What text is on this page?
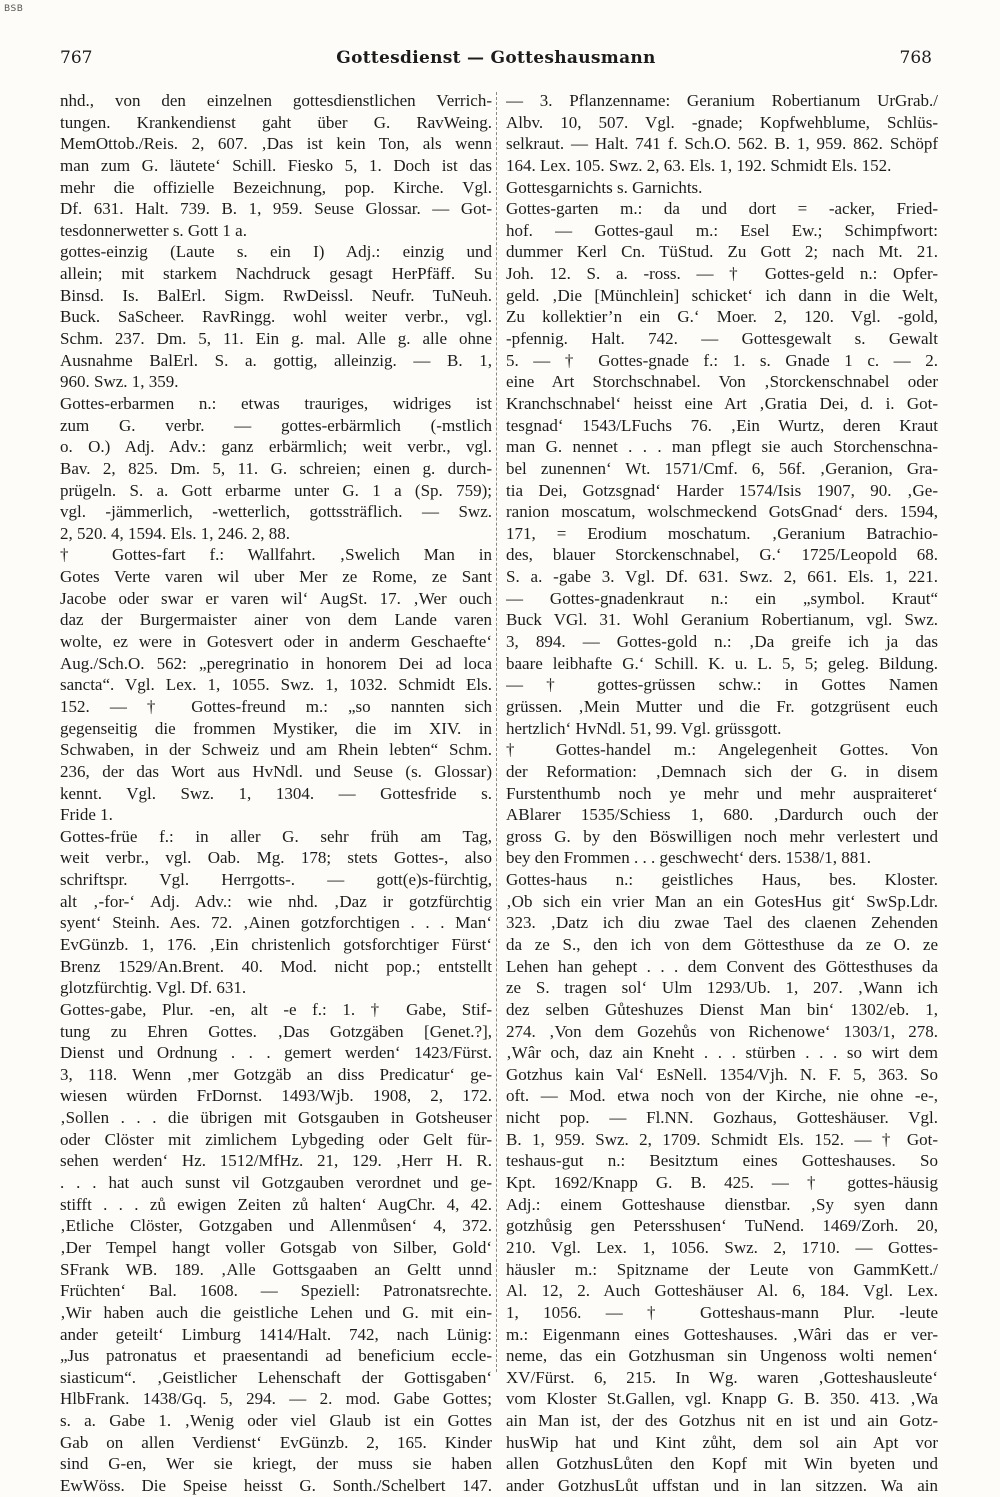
BSB
767	Gottesdienst — Gotteshausmann	768
nhd., von den einzelnen gottesdienstlichen Verrich-
tungen. Krankendienst gaht über G. RavWeing.
MemOttob./Reis. 2, 607. ‚Das ist kein Ton, als wenn
man zum G. läutete‘ Schill. Fiesko 5, 1. Doch ist das
mehr die offizielle Bezeichnung, pop. Kirche. Vgl.
Df. 631. Halt. 739. B. 1, 959. Seuse Glossar. — Got-
tesdonnerwetter s. Gott 1 a.
gottes-einzig (Laute s. ein I) Adj.: einzig und
allein; mit starkem Nachdruck gesagt HerPfäff. Su
Binsd. Is. BalErl. Sigm. RwDeissl. Neufr. TuNeuh.
Buck. SaScheer. RavRingg. wohl weiter verbr., vgl.
Schm. 237. Dm. 5, 11. Ein g. mal. Alle g. alle ohne
Ausnahme BalErl. S. a. gottig, alleinzig. — B. 1,
960. Swz. 1, 359.
Gottes-erbarmen n.: etwas trauriges, widriges ist
zum G. verbr. — gottes-erbärmlich (-mstlich
o. O.) Adj. Adv.: ganz erbärmlich; weit verbr., vgl.
Bav. 2, 825. Dm. 5, 11. G. schreien; einen g. durch-
prügeln. S. a. Gott erbarme unter G. 1 a (Sp. 759);
vgl. -jämmerlich, -wetterlich, gottssträflich. — Swz.
2, 520. 4, 1594. Els. 1, 246. 2, 88.
† Gottes-fart f.: Wallfahrt. ‚Swelich Man in
Gotes Verte varen wil uber Mer ze Rome, ze Sant
Jacobe oder swar er varen wil‘ AugSt. 17. ‚Wer ouch
daz der Burgermaister ainer von dem Lande varen
wolte, ez were in Gotesvert oder in anderm Geschaefte‘
Aug./Sch.O. 562: „peregrinatio in honorem Dei ad loca
sancta“. Vgl. Lex. 1, 1055. Swz. 1, 1032. Schmidt Els.
152. — † Gottes-freund m.: „so nannten sich
gegenseitig die frommen Mystiker, die im XIV. in
Schwaben, in der Schweiz und am Rhein lebten“ Schm.
236, der das Wort aus HvNdl. und Seuse (s. Glossar)
kennt. Vgl. Swz. 1, 1304. — Gottesfride s.
Fride 1.
Gottes-früe f.: in aller G. sehr früh am Tag,
weit verbr., vgl. Oab. Mg. 178; stets Gottes-, also
schriftspr. Vgl. Herrgotts-. — gott(e)s-fürchtig,
alt ‚-for-‘ Adj. Adv.: wie nhd. ‚Daz ir gotzfürchtig
syent‘ Steinh. Aes. 72. ‚Ainen gotzforchtigen . . . Man‘
EvGünzb. 1, 176. ‚Ein christenlich gotsforchtiger Fürst‘
Brenz 1529/An.Brent. 40. Mod. nicht pop.; entstellt
glotzfürchtig. Vgl. Df. 631.
Gottes-gabe, Plur. -en, alt -e f.: 1. † Gabe, Stif-
tung zu Ehren Gottes. ‚Das Gotzgäben [Genet.?],
Dienst und Ordnung . . . gemert werden‘ 1423/Fürst.
3, 118. Wenn ‚mer Gotzgäb an diss Predicatur‘ ge-
wiesen würden FrDornst. 1493/Wjb. 1908, 2, 172.
‚Sollen . . . die übrigen mit Gotsgauben in Gotsheuser
oder Clöster mit zimlichem Lybgeding oder Gelt für-
sehen werden‘ Hz. 1512/MfHz. 21, 129. ‚Herr H. R.
. . . hat auch sunst vil Gotzgauben verordnet und ge-
stifft . . . zů ewigen Zeiten zů halten‘ AugChr. 4, 42.
‚Etliche Clöster, Gotzgaben und Allenmůsen‘ 4, 372.
‚Der Tempel hangt voller Gotsgab von Silber, Gold‘
SFrank WB. 189. ‚Alle Gottsgaaben an Geltt unnd
Früchten‘ Bal. 1608. — Speziell: Patronatsrechte.
‚Wir haben auch die geistliche Lehen und G. mit ein-
ander geteilt‘ Limburg 1414/Halt. 742, nach Lünig:
„Jus patronatus et praesentandi ad beneficium eccle-
siasticum“. ‚Geistlicher Lehenschaft der Gottisgaben‘
HlbFrank. 1438/Gq. 5, 294. — 2. mod. Gabe Gottes;
s. a. Gabe 1. ‚Wenig oder viel Glaub ist ein Gottes
Gab on allen Verdienst‘ EvGünzb. 2, 165. Kinder
sind G-en, Wer sie kriegt, der muss sie haben
EwWöss. Die Speise heisst G. Sonth./Schelbert 147.
— 3. Pflanzenname: Geranium Robertianum UrGrab./
Albv. 10, 507. Vgl. -gnade; Kopfwehblume, Schlüs-
selkraut. — Halt. 741 f. Sch.O. 562. B. 1, 959. 862. Schöpf
164. Lex. 105. Swz. 2, 63. Els. 1, 192. Schmidt Els. 152.
Gottesgarnichts s. Garnichts.
Gottes-garten m.: da und dort = -acker, Fried-
hof. — Gottes-gaul m.: Esel Ew.; Schimpfwort:
dummer Kerl Cn. TüStud. Zu Gott 2; nach Mt. 21.
Joh. 12. S. a. -ross. — † Gottes-geld n.: Opfer-
geld. ‚Die [Münchlein] schicket‘ ich dann in die Welt,
Zu kollektier’n ein G.‘ Moer. 2, 120. Vgl. -gold,
-pfennig. Halt. 742. — Gottesgewalt s. Gewalt
5. — † Gottes-gnade f.: 1. s. Gnade 1 c. — 2.
eine Art Storchschnabel. Von ‚Storckenschnabel oder
Kranchschnabel‘ heisst eine Art ‚Gratia Dei, d. i. Got-
tesgnad‘ 1543/LFuchs 76. ‚Ein Wurtz, deren Kraut
man G. nennet . . . man pflegt sie auch Storchenschna-
bel zunennen‘ Wt. 1571/Cmf. 6, 56f. ‚Geranion, Gra-
tia Dei, Gotzsgnad‘ Harder 1574/Isis 1907, 90. ‚Ge-
ranion moscatum, wolschmeckend GotsGnad‘ ders. 1594,
171, = Erodium moschatum. ‚Geranium Batrachio-
des, blauer Storckenschnabel, G.‘ 1725/Leopold 68.
S. a. -gabe 3. Vgl. Df. 631. Swz. 2, 661. Els. 1, 221.
— Gottes-gnadenkraut n.: ein „symbol. Kraut“
Buck VGl. 31. Wohl Geranium Robertianum, vgl. Swz.
3, 894. — Gottes-gold n.: ‚Da greife ich ja das
baare leibhafte G.‘ Schill. K. u. L. 5, 5; geleg. Bildung.
— † gottes-grüssen schw.: in Gottes Namen
grüssen. ‚Mein Mutter und die Fr. gotzgrüsent euch
hertzlich‘ HvNdl. 51, 99. Vgl. grüssgott.
† Gottes-handel m.: Angelegenheit Gottes. Von
der Reformation: ‚Demnach sich der G. in disem
Furstenthumb noch ye mehr und mehr auspraiteret‘
ABlarer 1535/Schiess 1, 680. ‚Dardurch ouch der
gross G. by den Böswilligen noch mehr verlestert und
bey den Frommen . . . geschwecht‘ ders. 1538/1, 881.
Gottes-haus n.: geistliches Haus, bes. Kloster.
‚Ob sich ein vrier Man an ein GotesHus git‘ SwSp.Ldr.
323. ‚Datz ich diu zwae Tael des claenen Zehenden
da ze S., den ich von dem Göttesthuse da ze O. ze
Lehen han gehept . . . dem Convent des Göttesthuses da
ze S. tragen sol‘ Ulm 1293/Ub. 1, 207. ‚Wann ich
dez selben Gůteshuzes Dienst Man bin‘ 1302/eb. 1,
274. ‚Von dem Gozehůs von Richenowe‘ 1303/1, 278.
‚Wâr och, daz ain Kneht . . . stürben . . . so wirt dem
Gotzhus kain Val‘ EsNell. 1354/Vjh. N. F. 5, 363. So
oft. — Mod. etwa noch von der Kirche, nie ohne -e-,
nicht pop. — Fl.NN. Gozhaus, Gotteshäuser. Vgl.
B. 1, 959. Swz. 2, 1709. Schmidt Els. 152. — † Got-
teshaus-gut n.: Besitztum eines Gotteshauses. So
Kpt. 1692/Knapp G. B. 425. — † gottes-häusig
Adj.: einem Gotteshause dienstbar. ‚Sy syen dann
gotzhůsig gen Petersshusen‘ TuNend. 1469/Zorh. 20,
210. Vgl. Lex. 1, 1056. Swz. 2, 1710. — Gottes-
häusler m.: Spitzname der Leute von GammKett./
Al. 12, 2. Auch Gotteshäuser Al. 6, 184. Vgl. Lex.
1, 1056. — † Gotteshaus-mann Plur. -leute
m.: Eigenmann eines Gotteshauses. ‚Wâri das er ver-
neme, das ein Gotzhusman sin Ungenoss wolti nemen‘
XV/Fürst. 6, 215. In Wg. waren ‚Gotteshausleute‘
vom Kloster St.Gallen, vgl. Knapp G. B. 350. 413. ‚Wa
ain Man ist, der des Gotzhus nit en ist und ain Gotz-
husWip hat und Kint zůht, dem sol ain Apt vor
allen GotzhusLůten den Kopf mit Win byeten und
ander GotzhusLůt uffstan und in lan sitzzen. Wa ain
